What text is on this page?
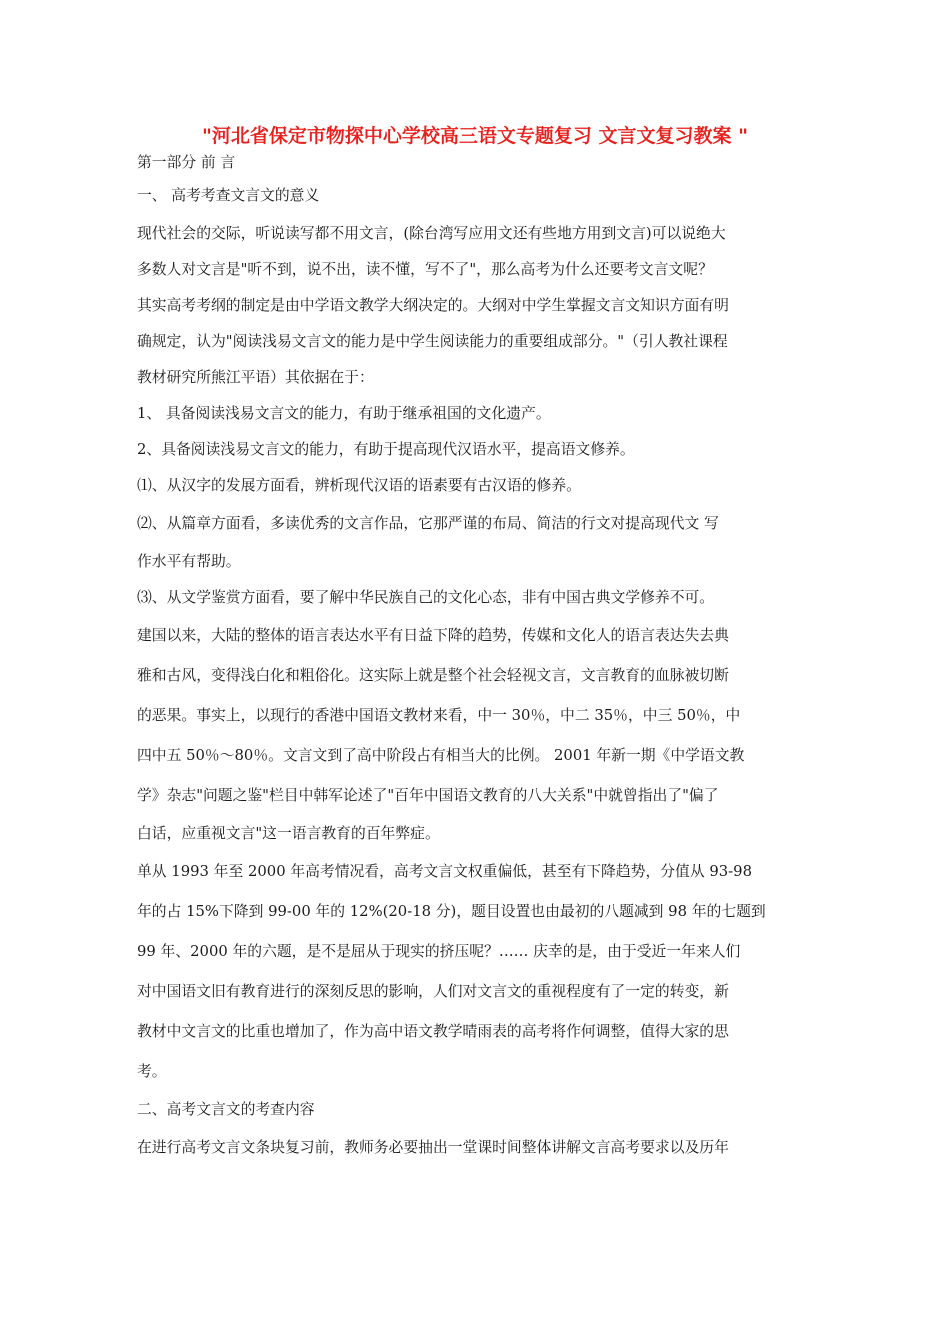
"河北省保定市物探中心学校高三语文专题复习 文言文复习教案 "
第一部分 前 言
一、 高考考查文言文的意义
现代社会的交际，听说读写都不用文言，(除台湾写应用文还有些地方用到文言)可以说绝大
多数人对文言是"听不到，说不出，读不懂，写不了"，那么高考为什么还要考文言文呢？
其实高考考纲的制定是由中学语文教学大纲决定的。大纲对中学生掌握文言文知识方面有明
确规定，认为"阅读浅易文言文的能力是中学生阅读能力的重要组成部分。"（引人教社课程
教材研究所熊江平语）其依据在于：
1、 具备阅读浅易文言文的能力，有助于继承祖国的文化遗产。
2、具备阅读浅易文言文的能力，有助于提高现代汉语水平，提高语文修养。
⑴、从汉字的发展方面看，辨析现代汉语的语素要有古汉语的修养。
⑵、从篇章方面看，多读优秀的文言作品，它那严谨的布局、简洁的行文对提高现代文 写
作水平有帮助。
⑶、从文学鉴赏方面看，要了解中华民族自己的文化心态，非有中国古典文学修养不可。
建国以来，大陆的整体的语言表达水平有日益下降的趋势，传媒和文化人的语言表达失去典
雅和古风，变得浅白化和粗俗化。这实际上就是整个社会轻视文言，文言教育的血脉被切断
的恶果。事实上，以现行的香港中国语文教材来看，中一 30％，中二 35％，中三 50％，中
四中五 50％～80％。文言文到了高中阶段占有相当大的比例。 2001 年新一期《中学语文教
学》杂志"问题之鉴"栏目中韩军论述了"百年中国语文教育的八大关系"中就曾指出了"偏了
白话，应重视文言"这一语言教育的百年弊症。
单从 1993 年至 2000 年高考情况看，高考文言文权重偏低，甚至有下降趋势，分值从 93-98
年的占 15%下降到 99-00 年的 12%(20-18 分)，题目设置也由最初的八题减到 98 年的七题到
99 年、2000 年的六题，是不是屈从于现实的挤压呢？…… 庆幸的是，由于受近一年来人们
对中国语文旧有教育进行的深刻反思的影响，人们对文言文的重视程度有了一定的转变，新
教材中文言文的比重也增加了，作为高中语文教学晴雨表的高考将作何调整，值得大家的思
考。
二、高考文言文的考查内容
在进行高考文言文条块复习前，教师务必要抽出一堂课时间整体讲解文言高考要求以及历年
